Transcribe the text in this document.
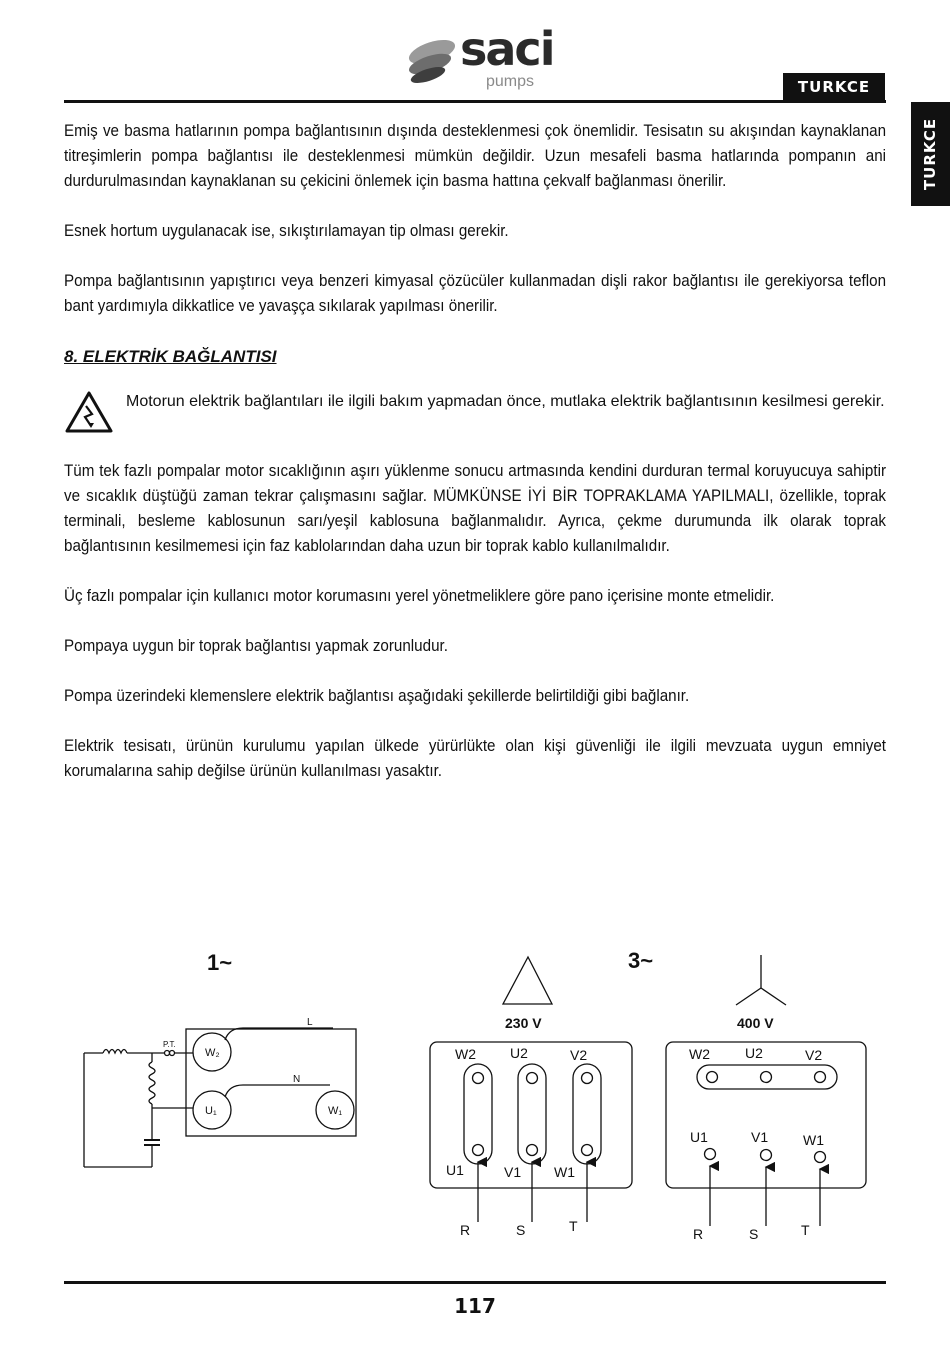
saci
pumps	TURKCE
TURKCE

Emiş ve basma hatlarının pompa bağlantısının dışında desteklenmesi çok önemlidir. Tesisatın su akışından kaynaklanan titreşimlerin pompa bağlantısı ile desteklenmesi mümkün değildir. Uzun mesafeli basma hatlarında pompanın ani durdurulmasından kaynaklanan su çekicini önlemek için basma hattına çekvalf bağlanması önerilir.

Esnek hortum uygulanacak ise, sıkıştırılamayan tip olması gerekir.

Pompa bağlantısının yapıştırıcı veya benzeri kimyasal çözücüler kullanmadan dişli rakor bağlantısı ile gerekiyorsa teflon bant yardımıyla dikkatlice ve yavaşça sıkılarak yapılması önerilir.

8. ELEKTRİK BAĞLANTISI

Motorun elektrik bağlantıları ile ilgili bakım yapmadan önce, mutlaka elektrik bağlantısının kesilmesi gerekir.

Tüm tek fazlı pompalar motor sıcaklığının aşırı yüklenme sonucu artmasında kendini durduran termal koruyucuya sahiptir ve sıcaklık düştüğü zaman tekrar çalışmasını sağlar. MÜMKÜNSE İYİ BİR TOPRAKLAMA YAPILMALI, özellikle, toprak terminali, besleme kablosunun sarı/yeşil kablosuna bağlanmalıdır. Ayrıca, çekme durumunda ilk olarak toprak bağlantısının kesilmemesi için faz kablolarından daha uzun bir toprak kablo kullanılmalıdır.

Üç fazlı pompalar için kullanıcı motor korumasını yerel yönetmeliklere göre pano içerisine monte etmelidir.

Pompaya uygun bir toprak bağlantısı yapmak zorunludur.

Pompa üzerindeki klemenslere elektrik bağlantısı aşağıdaki şekillerde belirtildiği gibi bağlanır.

Elektrik tesisatı, ürünün kurulumu yapılan ülkede yürürlükte olan kişi güvenliği ile ilgili mevzuata uygun emniyet korumalarına sahip değilse ürünün kullanılması yasaktır.

1~
P.T.
W₂
U₁	W₁
L
N
3~
230 V
W2 U2	V2
U1	V1 W1
R	S	T
400 V
W2	U2	V2
U1	V1 W1
R	S	T
117
